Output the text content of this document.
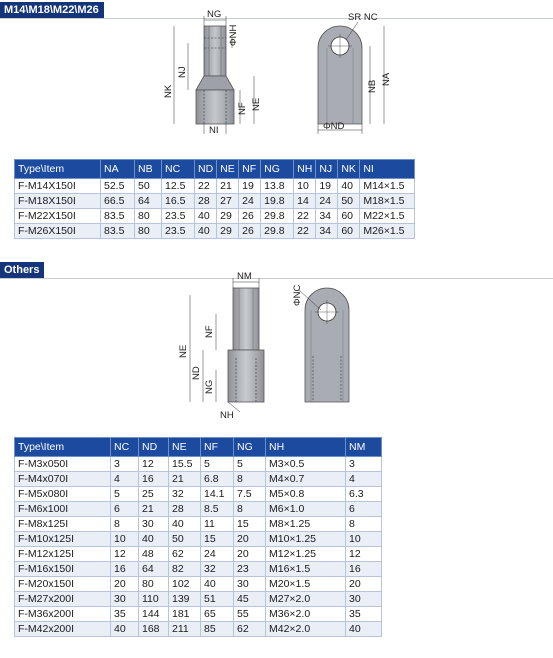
M14\M18\M22\M26	NG
ΦNH
NK
NJ
NF NE
NI
SR NC
NB
NA
ΦND
Type\Item	NA	NB	NC	ND	NE	NF	NG	NH	NJ	NK	NI
F-M14X150I	52.5	50	12.5	22	21	19	13.8	10	19	40	M14×1.5
F-M18X150I	66.5	64	16.5	28	27	24	19.8	14	24	50	M18×1.5
F-M22X150I	83.5	80	23.5	40	29	26	29.8	22	34	60	M22×1.5
F-M26X150I	83.5	80	23.5	40	29	26	29.8	22	34	60	M26×1.5
Others
NM
NE
NF
ND
NG
NH
ΦNC
Type\Item	NC	ND	NE	NF	NG	NH	NM
F-M3x050I	3	12	15.5	5	5	M3×0.5	3
F-M4x070I	4	16	21	6.8	8	M4×0.7	4
F-M5x080I	5	25	32	14.1	7.5	M5×0.8	6.3
F-M6x100I	6	21	28	8.5	8	M6×1.0	6
F-M8x125I	8	30	40	11	15	M8×1.25	8
F-M10x125I	10	40	50	15	20	M10×1.25	10
F-M12x125I	12	48	62	24	20	M12×1.25	12
F-M16x150I	16	64	82	32	23	M16×1.5	16
F-M20x150I	20	80	102	40	30	M20×1.5	20
F-M27x200I	30	110	139	51	45	M27×2.0	30
F-M36x200I	35	144	181	65	55	M36×2.0	35
F-M42x200I	40	168	211	85	62	M42×2.0	40
